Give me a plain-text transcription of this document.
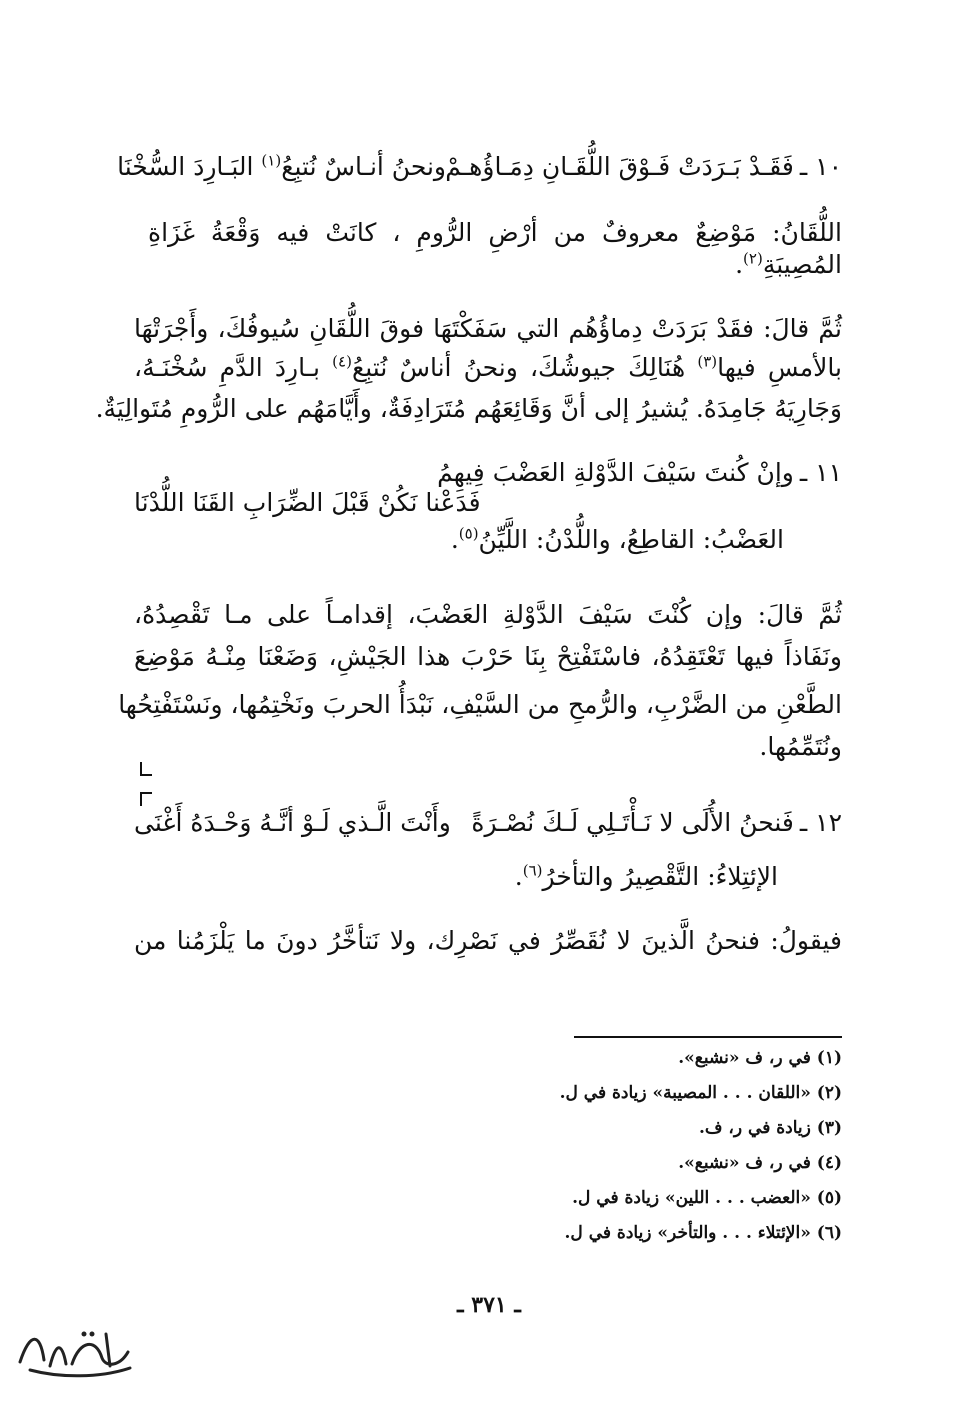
١٠ ـفَقَـدْ بَـرَدَتْ فَـوْقَ اللُّقَـانِ دِمَـاؤُهـمْ
ونحنُ أنـاسٌ نُتبِعُ$^{(١)}$ البَـارِدَ السُّخْنَا
اللُّقَانُ: مَوْضِعٌ معروفٌ من أرْضِ الرُّومِ ، كانَتْ فيه وَقْعَةُ غَزَاةِ
المُصِيبَةِ$^{(٢)}$.
ثُمَّ قالَ: فقَدْ بَرَدَتْ دِماؤُهُم التي سَفَكْتَهَا فوقَ اللُّقَانِ سُيوفُكَ، وأَجْرَتْهَا
بالأمسِ فيها$^{(٣)}$ هُنَالِكَ جيوشُكَ، ونحنُ أناسٌ نُتبِعُ$^{(٤)}$ بـارِدَ الدَّمِ سُخْنَـهُ،
وَجَارِيَهُ جَامِدَهُ. يُشيرُ إلى أنَّ وَقَائِعَهُم مُتَرَادِفَةٌ، وأَيَّامَهُم على الرُّومِ مُتَوالِيَةٌ.
١١ ـوإنْ كُنتَ سَيْفَ الدَّوْلةِ العَضْبَ فِيهِمُ
فَدَعْنا نَكُنْ قَبْلَ الضِّرَابِ القَنَا اللُّدْنَا
العَضْبُ: القاطِعُ، واللُّدْنُ: اللَّيِّنُ$^{(٥)}$.
ثُمَّ قالَ: وإن كُنْتَ سَيْفَ الدَّوْلةِ العَضْبَ، إقدامـاً على مـا تَقْصِدُهُ،
ونَفَاذاً فيها تَعْتَقِدُهُ، فاسْتَفْتِحْ بِنَا حَرْبَ هذا الجَيْشِ، وَضَعْنَا مِنْـهُ مَوْضِعَ
الطَّعْنِ من الضَّرْبِ، والرُّمحِ من السَّيْفِ، نَبْدَأُ الحربَ ونَخْتِمُها، ونَسْتَفْتِحُها
ونُتَمِّمُها.
١٢ ـفَنحنُ الأُلَى لا نَـأْتَـلِي لَـكَ نُصْـرَةً
وأَنْتَ الَّـذي لَـوْ أنَّـهُ وَحْـدَهُ أَغْنَى
الإئتِلاءُ: التَّقْصِيرُ والتأخرُ$^{(٦)}$.
فيقولُ: فنحنُ الَّذينَ لا نُقَصِّرُ في نَصْرِك، ولا نَتأخَّرُ دونَ ما يَلْزَمُنا من
(١) في ر، ف «نشبع».
(٢) «اللقان . . . المصيبة» زيادة في ل.
(٣) زيادة في ر، ف.
(٤) في ر، ف «نشبع».
(٥) «العضب . . . اللين» زيادة في ل.
(٦) «الإئتلاء . . . والتأخر» زيادة في ل.
ـ ٣٧١ ـ
